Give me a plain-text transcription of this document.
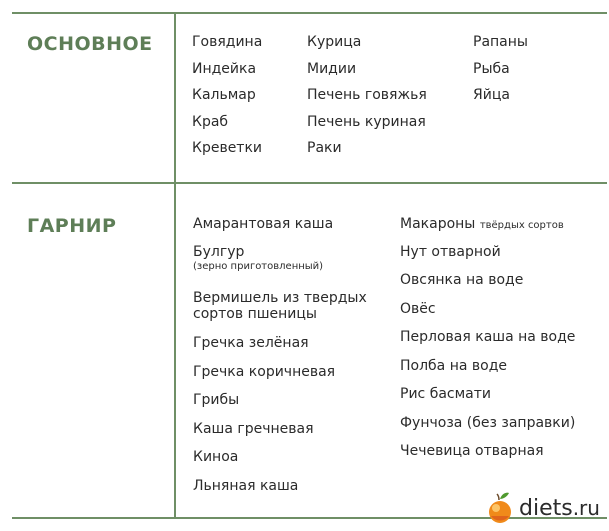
ОСНОВНОЕ	Говядина
Индейка
Кальмар
Краб
Креветки
Курица
Мидии
Печень говяжья
Печень куриная
Раки
Рапаны
Рыба
Яйца
ГАРНИР	Амарантовая каша
Булгур
(зерно приготовленный)
Вермишель из твердых
сортов пшеницы
Гречка зелёная
Гречка коричневая
Грибы
Каша гречневая
Киноа
Льняная каша
Макароны твёрдых сортов
Нут отварной
Овсянка на воде
Овёс
Перловая каша на воде
Полба на воде
Рис басмати
Фунчоза (без заправки)
Чечевица отварная
diets.ru
